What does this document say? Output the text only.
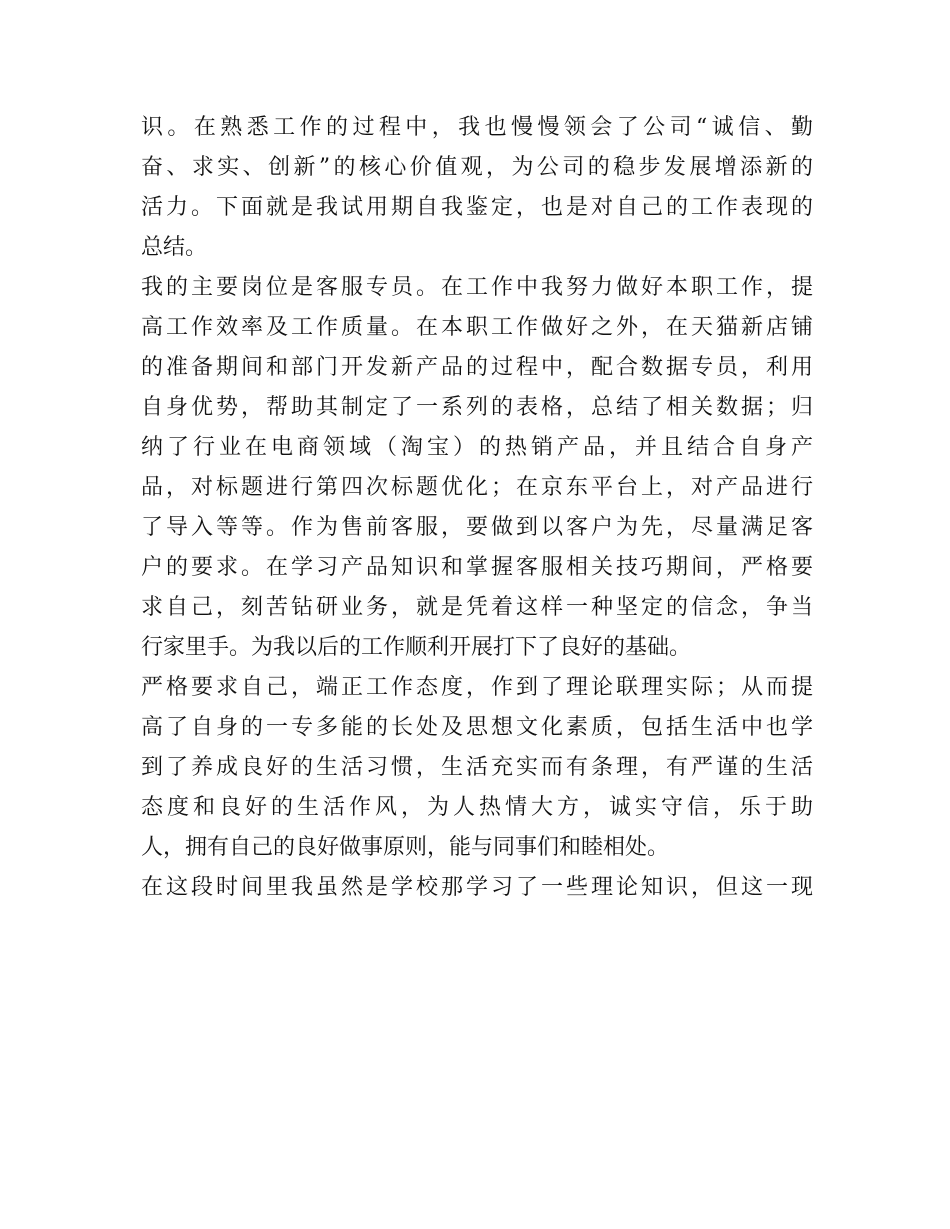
识。在熟悉工作的过程中，我也慢慢领会了公司“诚信、勤
奋、求实、创新”的核心价值观，为公司的稳步发展增添新的
活力。下面就是我试用期自我鉴定，也是对自己的工作表现的
总结。
我的主要岗位是客服专员。在工作中我努力做好本职工作，提
高工作效率及工作质量。在本职工作做好之外，在天猫新店铺
的准备期间和部门开发新产品的过程中，配合数据专员，利用
自身优势，帮助其制定了一系列的表格，总结了相关数据；归
纳了行业在电商领域（淘宝）的热销产品，并且结合自身产
品，对标题进行第四次标题优化；在京东平台上，对产品进行
了导入等等。作为售前客服，要做到以客户为先，尽量满足客
户的要求。在学习产品知识和掌握客服相关技巧期间，严格要
求自己，刻苦钻研业务，就是凭着这样一种坚定的信念，争当
行家里手。为我以后的工作顺利开展打下了良好的基础。
严格要求自己，端正工作态度，作到了理论联理实际；从而提
高了自身的一专多能的长处及思想文化素质，包括生活中也学
到了养成良好的生活习惯，生活充实而有条理，有严谨的生活
态度和良好的生活作风，为人热情大方，诚实守信，乐于助
人，拥有自己的良好做事原则，能与同事们和睦相处。
在这段时间里我虽然是学校那学习了一些理论知识，但这一现
